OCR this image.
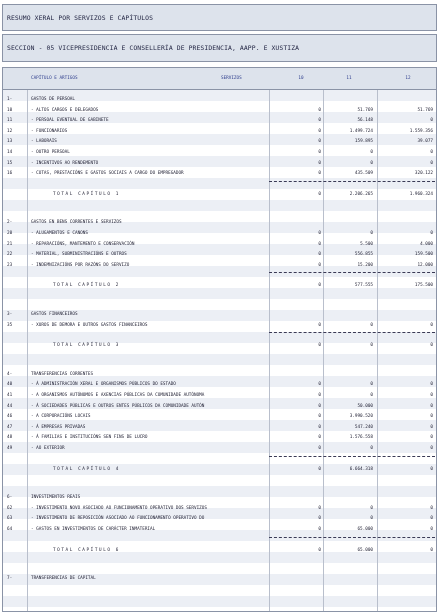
RESUMO XERAL POR SERVIZOS E CAPÍTULOS
SECCION - 05 VICEPRESIDENCIA E CONSELLERÍA DE PRESIDENCIA, AAPP. E XUSTIZA
CAPÍTULO E ARTIGOS	SERVIZOS	10	11	12
1-	GASTOS DE PERSOAL
10	- ALTOS CARGOS E DELEGADOS	0	51.769	51.769
11	- PERSOAL EVENTUAL DE GABINETE	0	56.148	0
12	- FUNCIONARIOS	0	1.499.724	1.559.356
13	- LABORAIS	0	159.895	39.077
14	- OUTRO PERSOAL	0	0	0
15	- INCENTIVOS AO RENDEMENTO	0	0	0
16	- COTAS, PRESTACIÓNS E GASTOS SOCIAIS A CARGO DO EMPREGADOR	0	435.509	320.122
TOTAL CAPÍTULO 1	0	2.206.265	1.960.324
2-	GASTOS EN BENS CORRENTES E SERVIZOS
20	- ALUGAMENTOS E CANONS	0	0	0
21	- REPARACIÓNS, MANTEMENTO E CONSERVACIÓN	0	5.500	4.000
22	- MATERIAL, SUBMINISTRACIÓNS E OUTROS	0	556.855	159.500
23	- INDEMNIZACIÓNS POR RAZÓNS DO SERVIZO	0	15.200	12.000
TOTAL CAPÍTULO 2	0	577.555	175.500
3-	GASTOS FINANCEIROS
35	- XUROS DE DEMORA E OUTROS GASTOS FINANCEIROS	0	0	0
TOTAL CAPÍTULO 3	0	0	0
4-	TRANSFERENCIAS CORRENTES
40	- Á ADMINISTRACIÓN XERAL E ORGANISMOS PÚBLICOS DO ESTADO	0	0	0
41	- A ORGANISMOS AUTÓNOMOS E AXENCIAS PÚBLICAS DA COMUNIDADE AUTÓNOMA	0	0	0
44	- Á SOCIEDADES PÚBLICAS E OUTROS ENTES PÚBLICOS DA COMUNIDADE AUTÓN	0	50.000	0
46	- A CORPORACIÓNS LOCAIS	0	3.990.520	0
47	- Á EMPRESAS PRIVADAS	0	547.240	0
48	- Á FAMILIAS E INSTITUCIÓNS SEN FINS DE LUCRO	0	1.576.558	0
49	- AO EXTERIOR	0	0	0
TOTAL CAPÍTULO 4	0	6.664.318	0
6-	INVESTIMENTOS REAIS
62	- INVESTIMENTO NOVO ASOCIADO AO FUNCIONAMENTO OPERATIVO DOS SERVIZOS	0	0	0
63	- INVESTIMENTO DE REPOSICIÓN ASOCIADO AO FUNCIONAMENTO OPERATIVO DO	0	0	0
64	- GASTOS EN INVESTIMENTOS DE CARÁCTER INMATERIAL	0	65.000	0
TOTAL CAPÍTULO 6	0	65.000	0
7-	TRANSFERENCIAS DE CAPITAL
